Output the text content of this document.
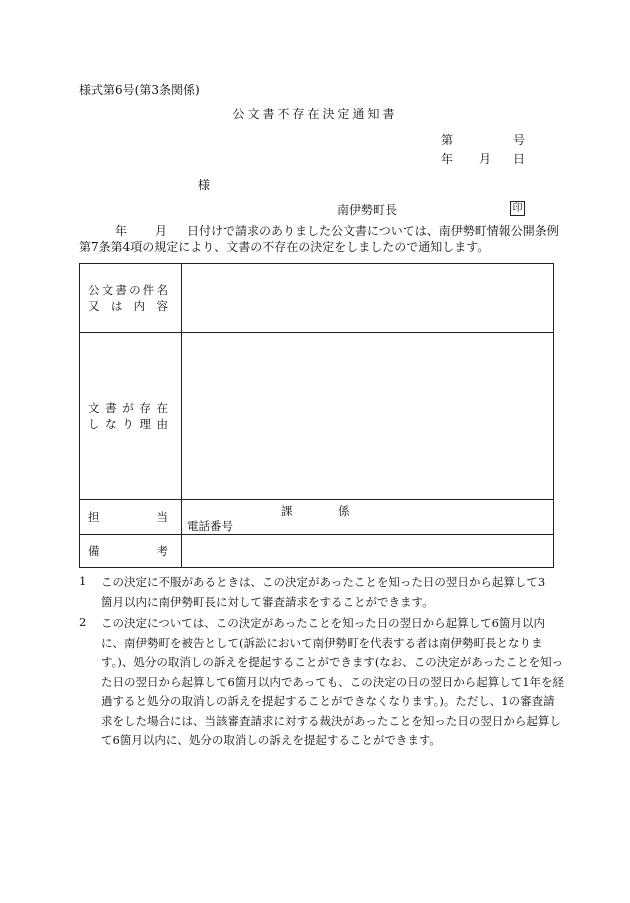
様式第6号(第3条関係)
公文書不存在決定通知書
第	号
年 月 日
様
南伊勢町長	印
年 月 日付けで請求のありました公文書については、南伊勢町情報公開条例
第7条第4項の規定により、文書の不存在の決定をしましたので通知します。
公文書の件名
又 は 内 容	

文書が存在
しなり理由	

担当	課 係
電話番号

備考	

1 この決定に不服があるときは、この決定があったことを知った日の翌日から起算して3
箇月以内に南伊勢町長に対して審査請求をすることができます。
2 この決定については、この決定があったことを知った日の翌日から起算して6箇月以内
に、南伊勢町を被告として(訴訟において南伊勢町を代表する者は南伊勢町長となりま
す。)、処分の取消しの訴えを提起することができます(なお、この決定があったことを知っ
た日の翌日から起算して6箇月以内であっても、この決定の日の翌日から起算して1年を経
過すると処分の取消しの訴えを提起することができなくなります。)。ただし、1の審査請
求をした場合には、当該審査請求に対する裁決があったことを知った日の翌日から起算し
て6箇月以内に、処分の取消しの訴えを提起することができます。
